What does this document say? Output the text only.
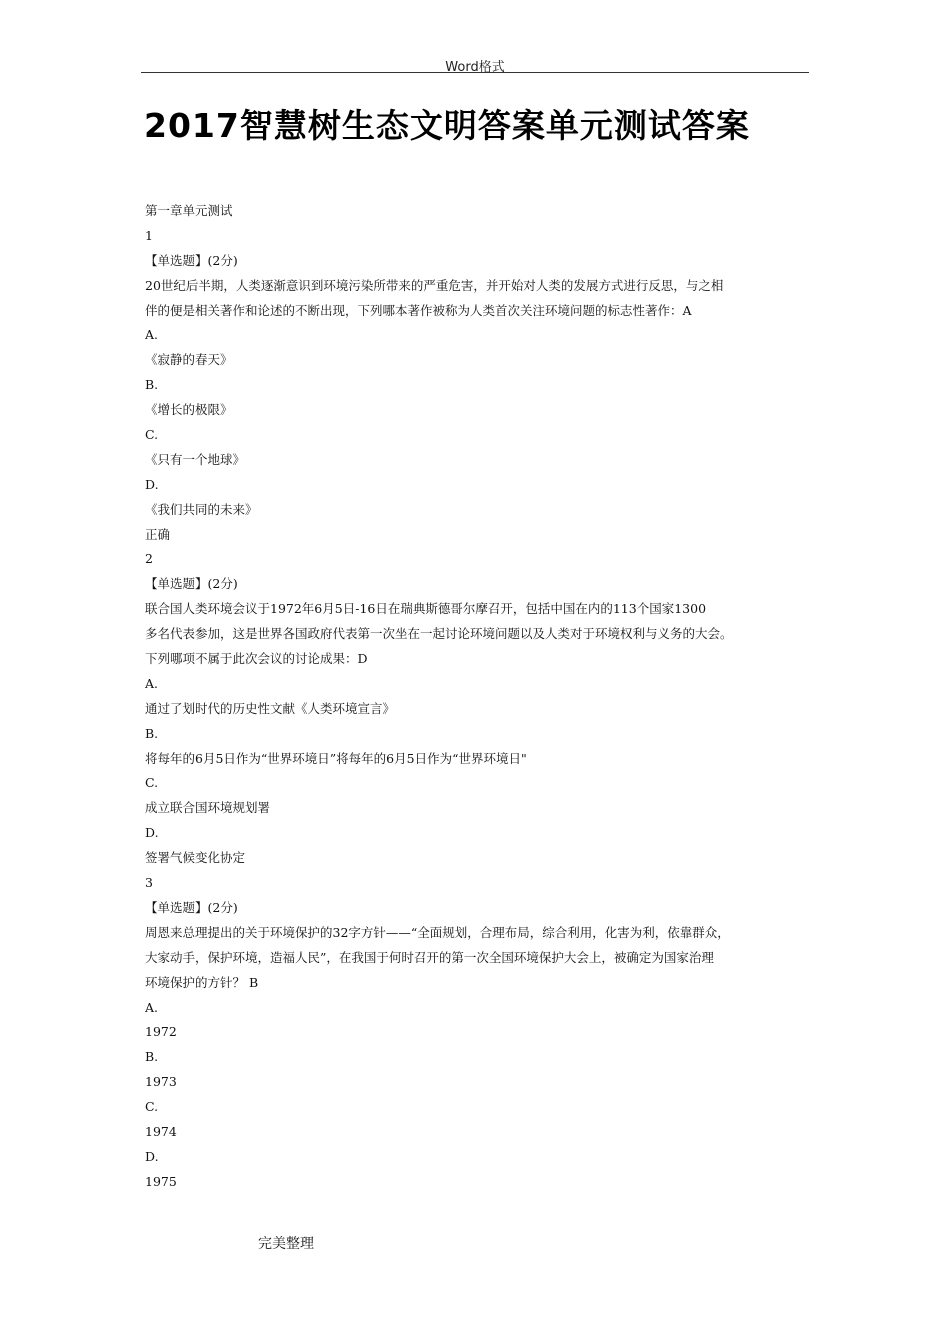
Word格式
2017智慧树生态文明答案单元测试答案
第一章单元测试
1
【单选题】(2分)
20世纪后半期，人类逐渐意识到环境污染所带来的严重危害，并开始对人类的发展方式进行反思，与之相
伴的便是相关著作和论述的不断出现，下列哪本著作被称为人类首次关注环境问题的标志性著作：A
A.
《寂静的春天》
B.
《增长的极限》
C.
《只有一个地球》
D.
《我们共同的未来》
正确
2
【单选题】(2分)
联合国人类环境会议于1972年6月5日-16日在瑞典斯德哥尔摩召开，包括中国在内的113个国家1300
多名代表参加，这是世界各国政府代表第一次坐在一起讨论环境问题以及人类对于环境权利与义务的大会。
下列哪项不属于此次会议的讨论成果：D
A.
通过了划时代的历史性文献《人类环境宣言》
B.
将每年的6月5日作为“世界环境日”将每年的6月5日作为“世界环境日"
C.
成立联合国环境规划署
D.
签署气候变化协定
3
【单选题】(2分)
周恩来总理提出的关于环境保护的32字方针——“全面规划，合理布局，综合利用，化害为利，依靠群众，
大家动手，保护环境，造福人民”，在我国于何时召开的第一次全国环境保护大会上，被确定为国家治理
环境保护的方针？ B
A.
1972
B.
1973
C.
1974
D.
1975
完美整理
